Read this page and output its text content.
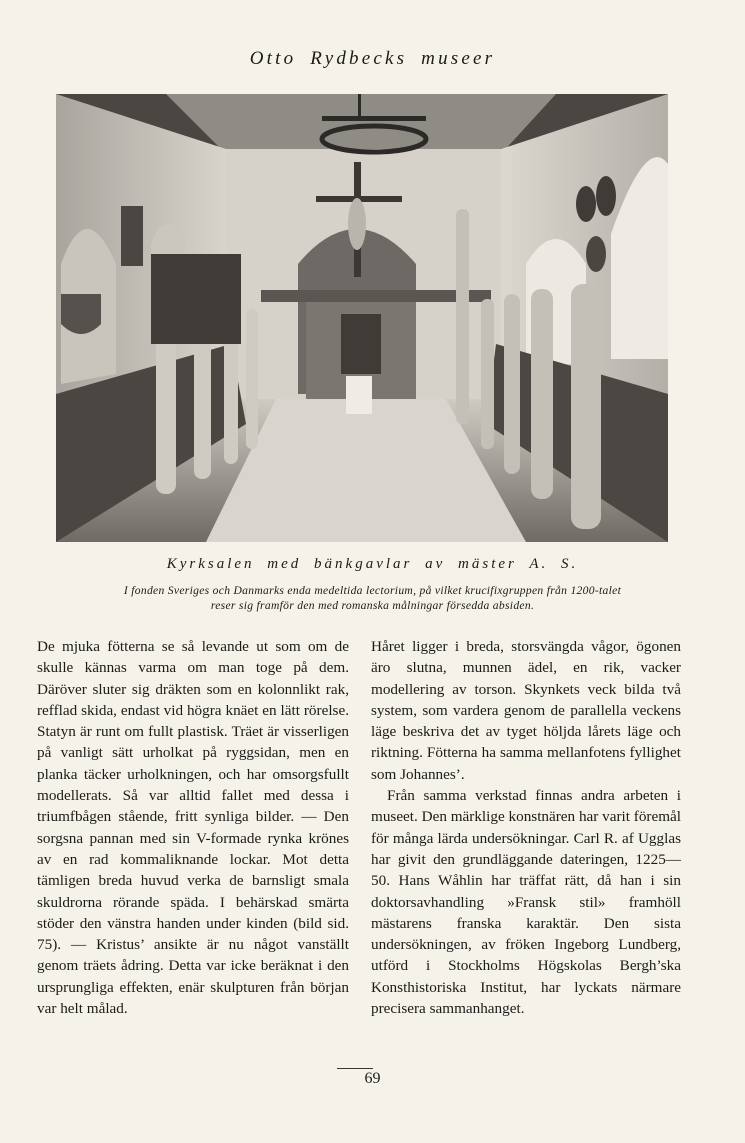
Otto Rydbecks museer
Kyrksalen med bänkgavlar av mäster A. S.
I fonden Sveriges och Danmarks enda medeltida lectorium, på vilket krucifixgruppen från 1200-talet
reser sig framför den med romanska målningar försedda absiden.

De mjuka fötterna se så levande ut som om de skulle kännas varma om man toge på dem. Däröver sluter sig dräkten som en kolonnlikt rak, refflad skida, endast vid högra knäet en lätt rörelse. Statyn är runt om fullt plastisk. Träet är visserligen på vanligt sätt urholkat på ryggsidan, men en planka täcker urholkningen, och har omsorgsfullt modellerats. Så var alltid fallet med dessa i triumfbågen stående, fritt synliga bilder. — Den sorgsna pannan med sin V-formade rynka krönes av en rad kommaliknande lockar. Mot detta tämligen breda huvud verka de barnsligt smala skuldrorna rörande späda. I behärskad smärta stöder den vänstra handen under kinden (bild sid. 75). — Kristus’ ansikte är nu något vanställt genom träets ådring. Detta var icke beräknat i den ursprungliga effekten, enär skulpturen från början var helt målad.

Håret ligger i breda, storsvängda vågor, ögonen äro slutna, munnen ädel, en rik, vacker modellering av torson. Skynkets veck bilda två system, som vardera genom de parallella veckens läge beskriva det av tyget höljda lårets läge och riktning. Fötterna ha samma mellanfotens fyllighet som Johannes’.

Från samma verkstad finnas andra arbeten i museet. Den märklige konstnären har varit föremål för många lärda undersökningar. Carl R. af Ugglas har givit den grundläggande dateringen, 1225—50. Hans Wåhlin har träffat rätt, då han i sin doktorsavhandling »Fransk stil» framhöll mästarens franska karaktär. Den sista undersökningen, av fröken Ingeborg Lundberg, utförd i Stockholms Högskolas Bergh’ska Konsthistoriska Institut, har lyckats närmare precisera sammanhanget.

69
